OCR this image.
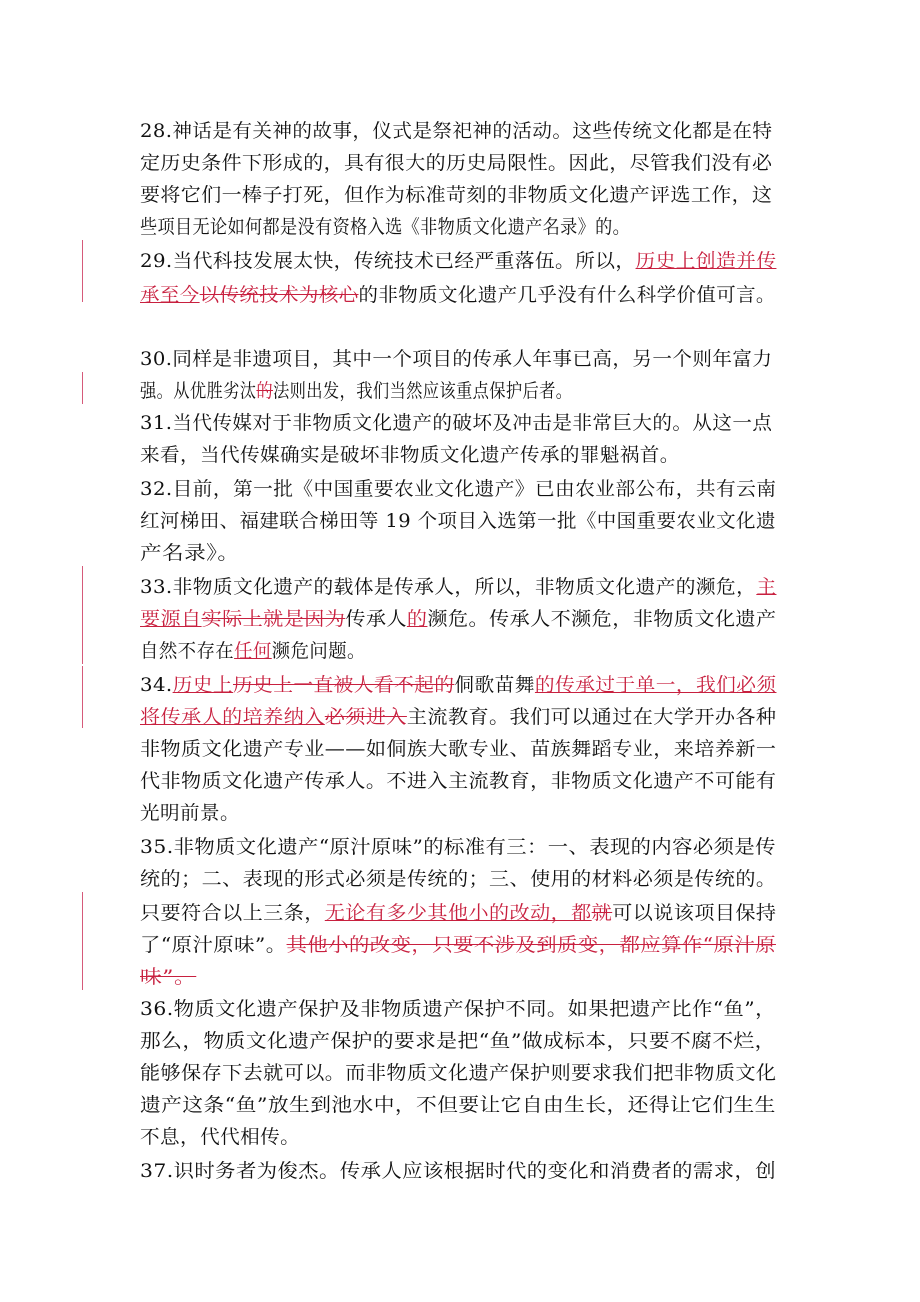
28.神话是有关神的故事，仪式是祭祀神的活动。这些传统文化都是在特
定历史条件下形成的，具有很大的历史局限性。因此，尽管我们没有必
要将它们一棒子打死，但作为标准苛刻的非物质文化遗产评选工作，这
些项目无论如何都是没有资格入选《非物质文化遗产名录》的。
29.当代科技发展太快，传统技术已经严重落伍。所以，历史上创造并传
承至今以传统技术为核心的非物质文化遗产几乎没有什么科学价值可言。
30.同样是非遗项目，其中一个项目的传承人年事已高，另一个则年富力
强。从优胜劣汰的法则出发，我们当然应该重点保护后者。
31.当代传媒对于非物质文化遗产的破坏及冲击是非常巨大的。从这一点
来看，当代传媒确实是破坏非物质文化遗产传承的罪魁祸首。
32.目前，第一批《中国重要农业文化遗产》已由农业部公布，共有云南
红河梯田、福建联合梯田等 19 个项目入选第一批《中国重要农业文化遗
产名录》。
33.非物质文化遗产的载体是传承人，所以，非物质文化遗产的濒危，主
要源自实际上就是因为传承人的濒危。传承人不濒危，非物质文化遗产
自然不存在任何濒危问题。
34.历史上历史上一直被人看不起的侗歌苗舞的传承过于单一，我们必须
将传承人的培养纳入必须进入主流教育。我们可以通过在大学开办各种
非物质文化遗产专业——如侗族大歌专业、苗族舞蹈专业，来培养新一
代非物质文化遗产传承人。不进入主流教育，非物质文化遗产不可能有
光明前景。
35.非物质文化遗产“原汁原味”的标准有三：一、表现的内容必须是传
统的；二、表现的形式必须是传统的；三、使用的材料必须是传统的。
只要符合以上三条，无论有多少其他小的改动，都就可以说该项目保持
了“原汁原味”。其他小的改变，只要不涉及到质变，都应算作“原汁原
味”。
36.物质文化遗产保护及非物质遗产保护不同。如果把遗产比作“鱼”，
那么，物质文化遗产保护的要求是把“鱼”做成标本，只要不腐不烂，
能够保存下去就可以。而非物质文化遗产保护则要求我们把非物质文化
遗产这条“鱼”放生到池水中，不但要让它自由生长，还得让它们生生
不息，代代相传。
37.识时务者为俊杰。传承人应该根据时代的变化和消费者的需求，创
